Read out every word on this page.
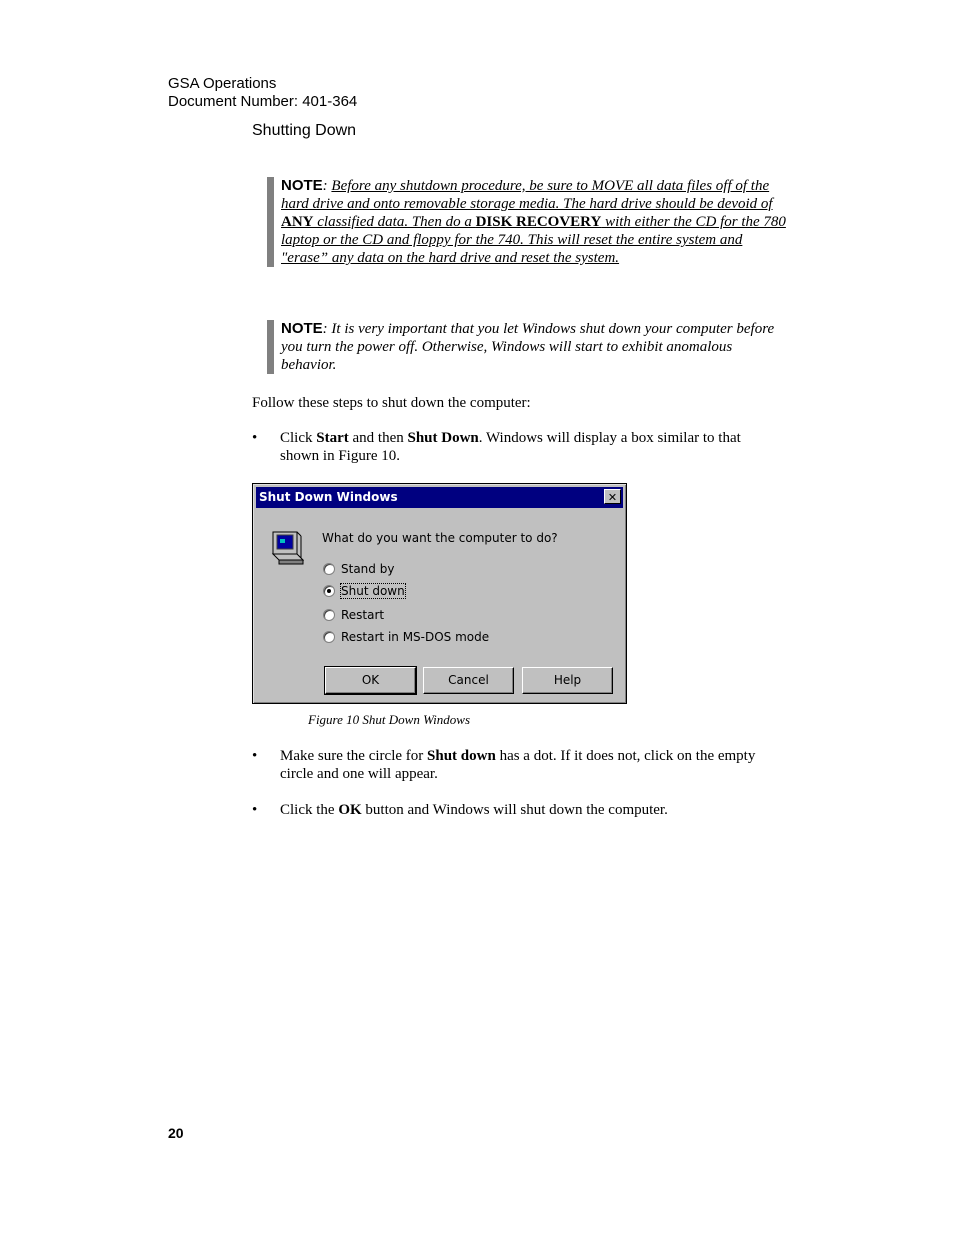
GSA Operations
Document Number: 401-364
Shutting Down
NOTE: Before any shutdown procedure, be sure to MOVE all data files off of the hard drive and onto removable storage media. The hard drive should be devoid of ANY classified data. Then do a DISK RECOVERY with either the CD for the 780 laptop or the CD and floppy for the 740. This will reset the entire system and "erase” any data on the hard drive and reset the system.
NOTE: It is very important that you let Windows shut down your computer before you turn the power off. Otherwise, Windows will start to exhibit anomalous behavior.
Follow these steps to shut down the computer:
• Click Start and then Shut Down. Windows will display a box similar to that shown in Figure 10.
Shut Down Windows	✕
What do you want the computer to do?
Stand by
Shut down
Restart
Restart in MS-DOS mode
OK	Cancel	Help
Figure 10 Shut Down Windows
• Make sure the circle for Shut down has a dot. If it does not, click on the empty circle and one will appear.
• Click the OK button and Windows will shut down the computer.
20
